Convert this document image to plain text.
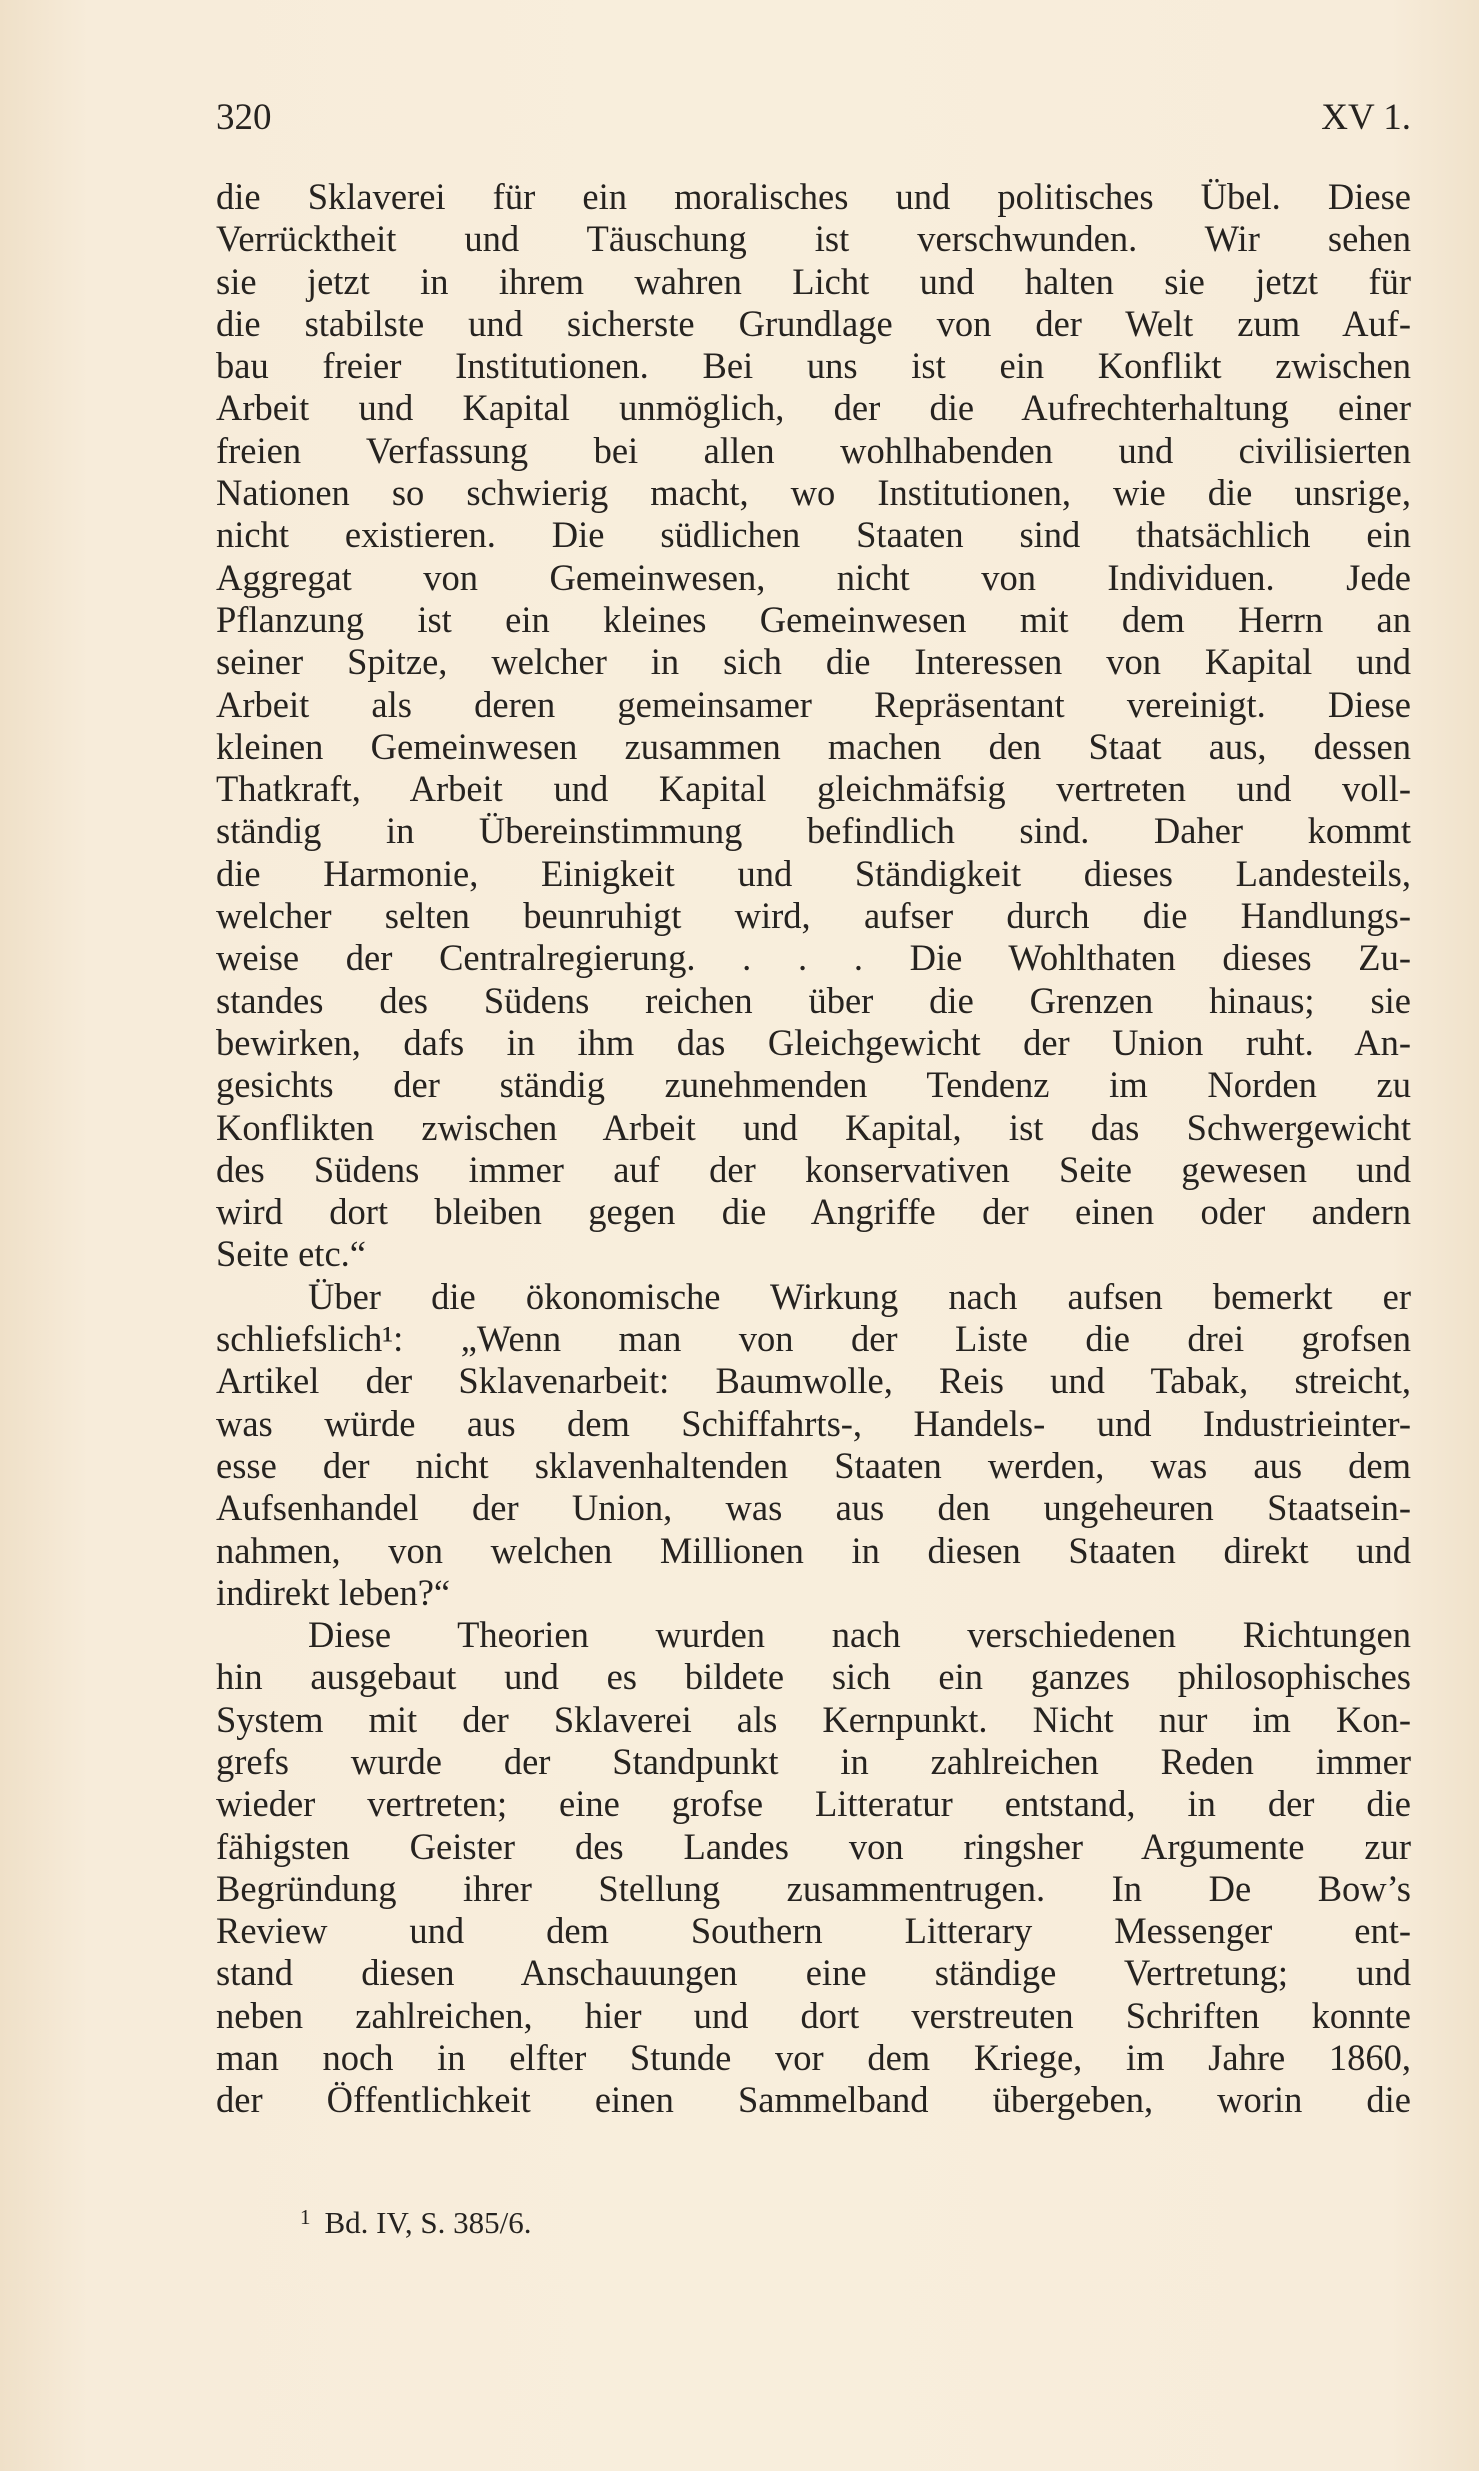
320	XV 1.
die Sklaverei für ein moralisches und politisches Übel. Diese
Verrücktheit und Täuschung ist verschwunden. Wir sehen
sie jetzt in ihrem wahren Licht und halten sie jetzt für
die stabilste und sicherste Grundlage von der Welt zum Auf-
bau freier Institutionen. Bei uns ist ein Konflikt zwischen
Arbeit und Kapital unmöglich, der die Aufrechterhaltung einer
freien Verfassung bei allen wohlhabenden und civilisierten
Nationen so schwierig macht, wo Institutionen, wie die unsrige,
nicht existieren. Die südlichen Staaten sind thatsächlich ein
Aggregat von Gemeinwesen, nicht von Individuen. Jede
Pflanzung ist ein kleines Gemeinwesen mit dem Herrn an
seiner Spitze, welcher in sich die Interessen von Kapital und
Arbeit als deren gemeinsamer Repräsentant vereinigt. Diese
kleinen Gemeinwesen zusammen machen den Staat aus, dessen
Thatkraft, Arbeit und Kapital gleichmäfsig vertreten und voll-
ständig in Übereinstimmung befindlich sind. Daher kommt
die Harmonie, Einigkeit und Ständigkeit dieses Landesteils,
welcher selten beunruhigt wird, aufser durch die Handlungs-
weise der Centralregierung. . . . Die Wohlthaten dieses Zu-
standes des Südens reichen über die Grenzen hinaus; sie
bewirken, dafs in ihm das Gleichgewicht der Union ruht. An-
gesichts der ständig zunehmenden Tendenz im Norden zu
Konflikten zwischen Arbeit und Kapital, ist das Schwergewicht
des Südens immer auf der konservativen Seite gewesen und
wird dort bleiben gegen die Angriffe der einen oder andern
Seite etc.“
Über die ökonomische Wirkung nach aufsen bemerkt er
schliefslich¹: „Wenn man von der Liste die drei grofsen
Artikel der Sklavenarbeit: Baumwolle, Reis und Tabak, streicht,
was würde aus dem Schiffahrts-, Handels- und Industrieinter-
esse der nicht sklavenhaltenden Staaten werden, was aus dem
Aufsenhandel der Union, was aus den ungeheuren Staatsein-
nahmen, von welchen Millionen in diesen Staaten direkt und
indirekt leben?“
Diese Theorien wurden nach verschiedenen Richtungen
hin ausgebaut und es bildete sich ein ganzes philosophisches
System mit der Sklaverei als Kernpunkt. Nicht nur im Kon-
grefs wurde der Standpunkt in zahlreichen Reden immer
wieder vertreten; eine grofse Litteratur entstand, in der die
fähigsten Geister des Landes von ringsher Argumente zur
Begründung ihrer Stellung zusammentrugen. In De Bow’s
Review und dem Southern Litterary Messenger ent-
stand diesen Anschauungen eine ständige Vertretung; und
neben zahlreichen, hier und dort verstreuten Schriften konnte
man noch in elfter Stunde vor dem Kriege, im Jahre 1860,
der Öffentlichkeit einen Sammelband übergeben, worin die
$^1$ Bd. IV, S. 385/6.
